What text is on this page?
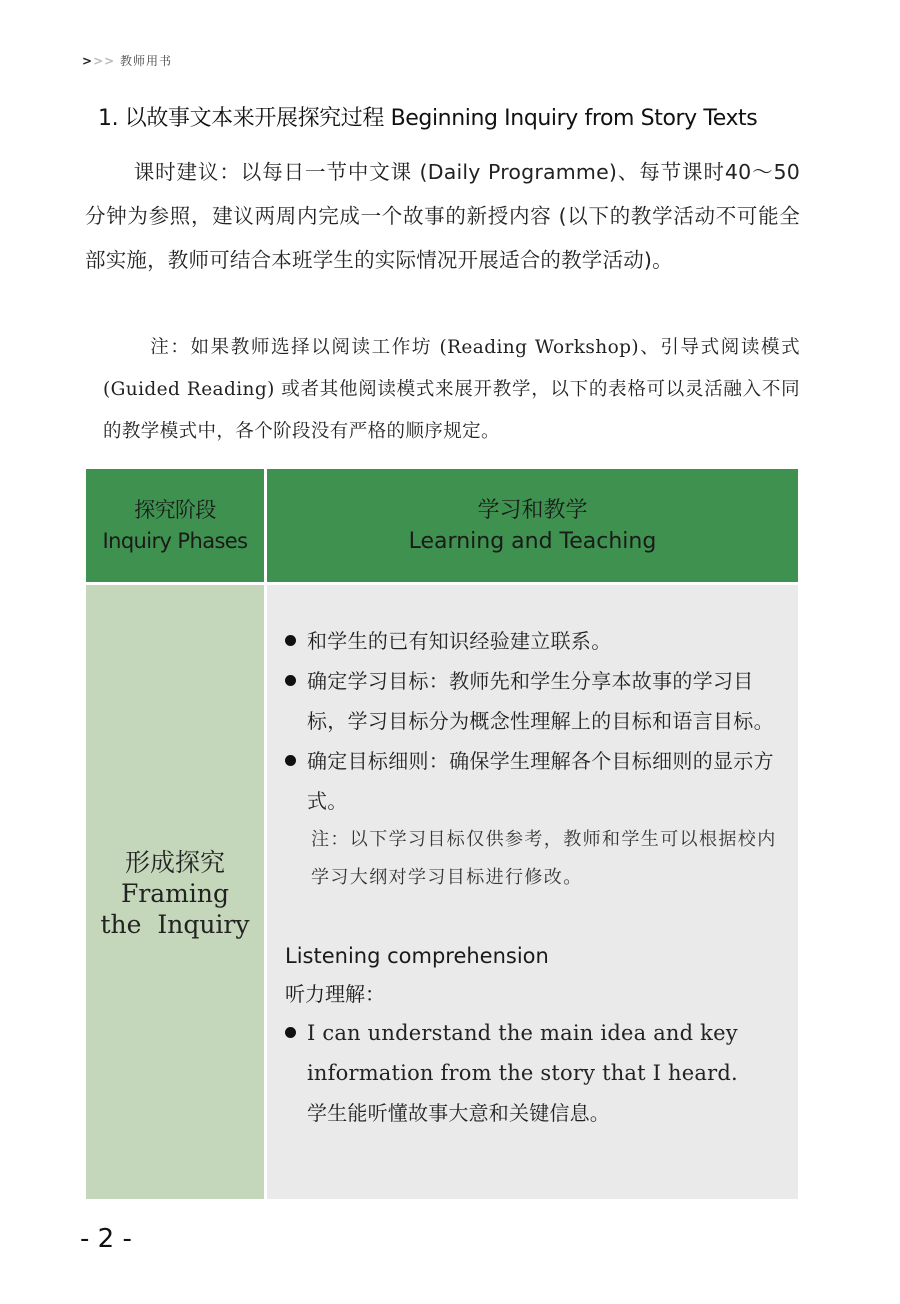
>>> 教师用书
1. 以故事文本来开展探究过程 Beginning Inquiry from Story Texts
课时建议：以每日一节中文课 (Daily Programme)、每节课时40～50分钟为参照，建议两周内完成一个故事的新授内容 (以下的教学活动不可能全部实施，教师可结合本班学生的实际情况开展适合的教学活动)。
注：如果教师选择以阅读工作坊 (Reading Workshop)、引导式阅读模式 (Guided Reading) 或者其他阅读模式来展开教学，以下的表格可以灵活融入不同的教学模式中，各个阶段没有严格的顺序规定。
探究阶段
Inquiry Phases
学习和教学
Learning and Teaching
形成探究
Framing
the  Inquiry
和学生的已有知识经验建立联系。
确定学习目标：教师先和学生分享本故事的学习目标，学习目标分为概念性理解上的目标和语言目标。
确定目标细则：确保学生理解各个目标细则的显示方式。
注：以下学习目标仅供参考，教师和学生可以根据校内学习大纲对学习目标进行修改。
Listening comprehension
听力理解：
I can understand the main idea and key information from the story that I heard.
学生能听懂故事大意和关键信息。
- 2 -
